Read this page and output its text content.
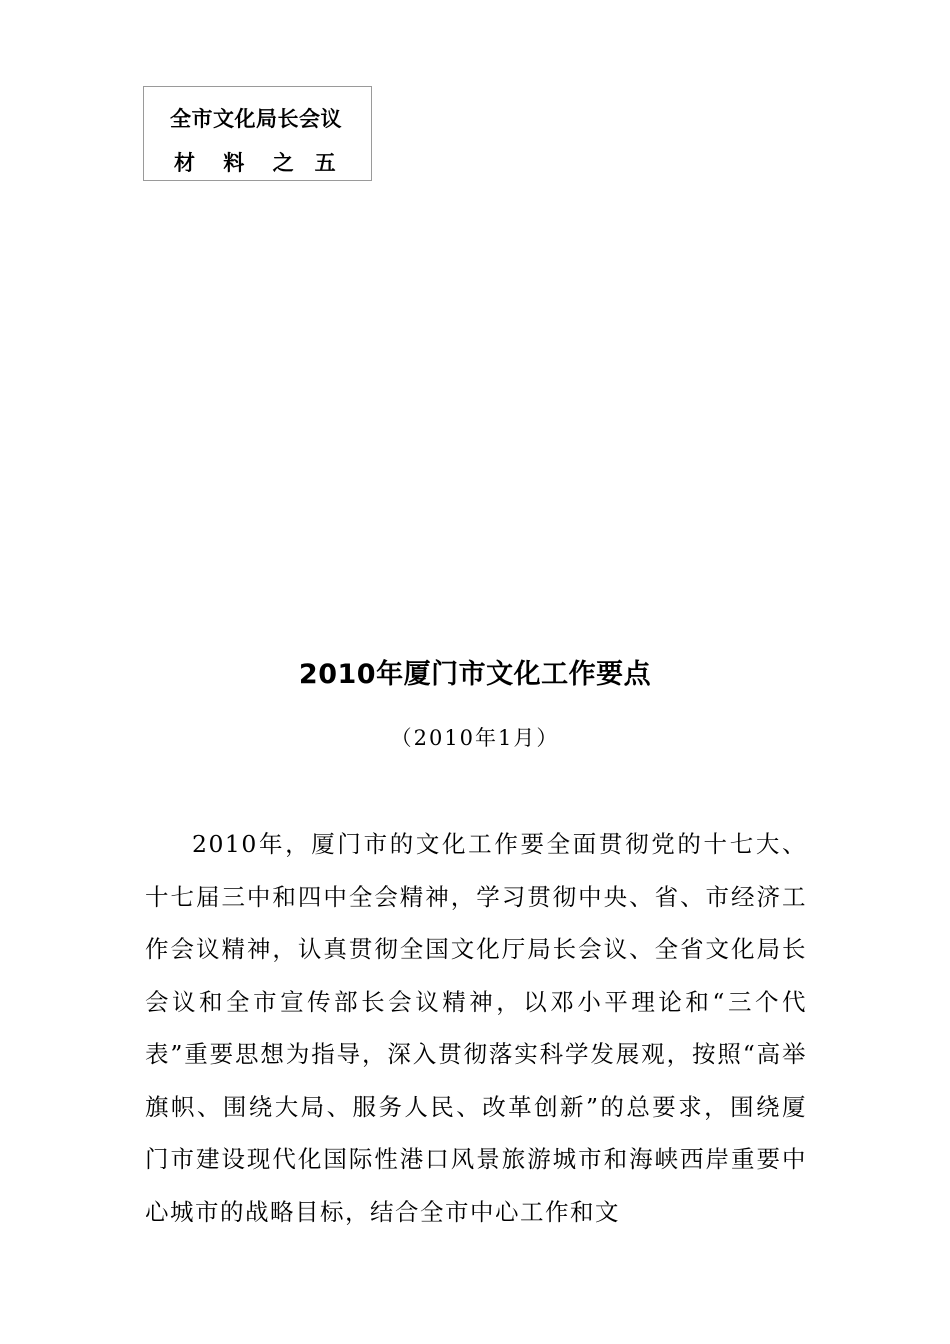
全市文化局长会议
材　 料 　之　五
2010年厦门市文化工作要点
（2010年1月）

2010年，厦门市的文化工作要全面贯彻党的十七大、十七届三中和四中全会精神，学习贯彻中央、省、市经济工作会议精神，认真贯彻全国文化厅局长会议、全省文化局长会议和全市宣传部长会议精神，以邓小平理论和“三个代表”重要思想为指导，深入贯彻落实科学发展观，按照“高举旗帜、围绕大局、服务人民、改革创新”的总要求，围绕厦门市建设现代化国际性港口风景旅游城市和海峡西岸重要中心城市的战略目标，结合全市中心工作和文
